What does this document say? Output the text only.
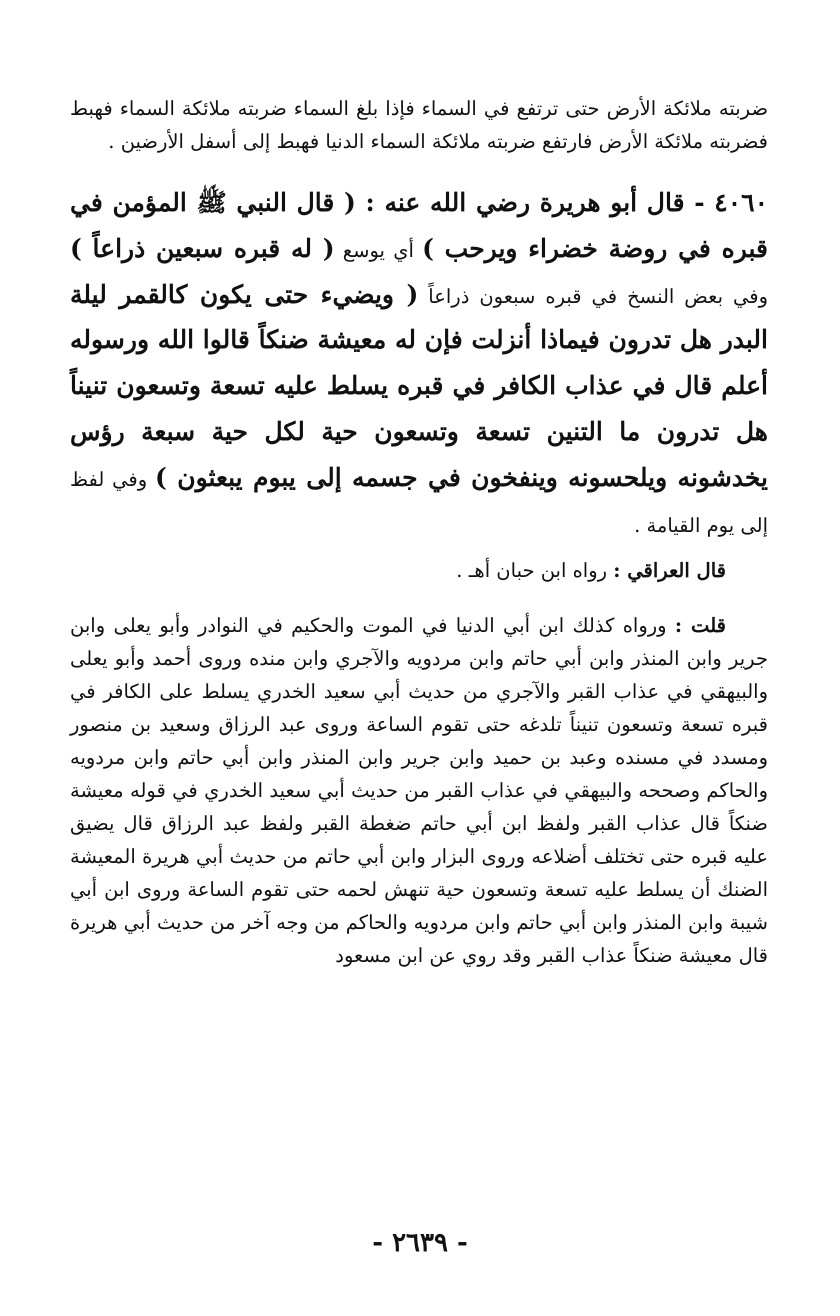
ضربته ملائكة الأرض حتى ترتفع في السماء فإذا بلغ السماء ضربته ملائكة السماء فهبط فضربته ملائكة الأرض فارتفع ضربته ملائكة السماء الدنيا فهبط إلى أسفل الأرضين .

٤٠٦٠ - قال أبو هريرة رضي الله عنه : ( قال النبي ﷺ المؤمن في قبره في روضة خضراء ويرحب ) أي يوسع ( له قبره سبعين ذراعاً ) وفي بعض النسخ في قبره سبعون ذراعاً ( ويضيء حتى يكون كالقمر ليلة البدر هل تدرون فيماذا أنزلت فإن له معيشة ضنكاً قالوا الله ورسوله أعلم قال في عذاب الكافر في قبره يسلط عليه تسعة وتسعون تنيناً هل تدرون ما التنين تسعة وتسعون حية لكل حية سبعة رؤس يخدشونه ويلحسونه وينفخون في جسمه إلى يبوم يبعثون ) وفي لفظ إلى يوم القيامة .

قال العراقي : رواه ابن حبان أهـ .

قلت : ورواه كذلك ابن أبي الدنيا في الموت والحكيم في النوادر وأبو يعلى وابن جرير وابن المنذر وابن أبي حاتم وابن مردويه والآجري وابن منده وروى أحمد وأبو يعلى والبيهقي في عذاب القبر والآجري من حديث أبي سعيد الخدري يسلط على الكافر في قبره تسعة وتسعون تنيناً تلدغه حتى تقوم الساعة وروى عبد الرزاق وسعيد بن منصور ومسدد في مسنده وعبد بن حميد وابن جرير وابن المنذر وابن أبي حاتم وابن مردويه والحاكم وصححه والبيهقي في عذاب القبر من حديث أبي سعيد الخدري في قوله معيشة ضنكاً قال عذاب القبر ولفظ ابن أبي حاتم ضغطة القبر ولفظ عبد الرزاق قال يضيق عليه قبره حتى تختلف أضلاعه وروى البزار وابن أبي حاتم من حديث أبي هريرة المعيشة الضنك أن يسلط عليه تسعة وتسعون حية تنهش لحمه حتى تقوم الساعة وروى ابن أبي شيبة وابن المنذر وابن أبي حاتم وابن مردويه والحاكم من وجه آخر من حديث أبي هريرة قال معيشة ضنكاً عذاب القبر وقد روي عن ابن مسعود

- ٢٦٣٩ -
